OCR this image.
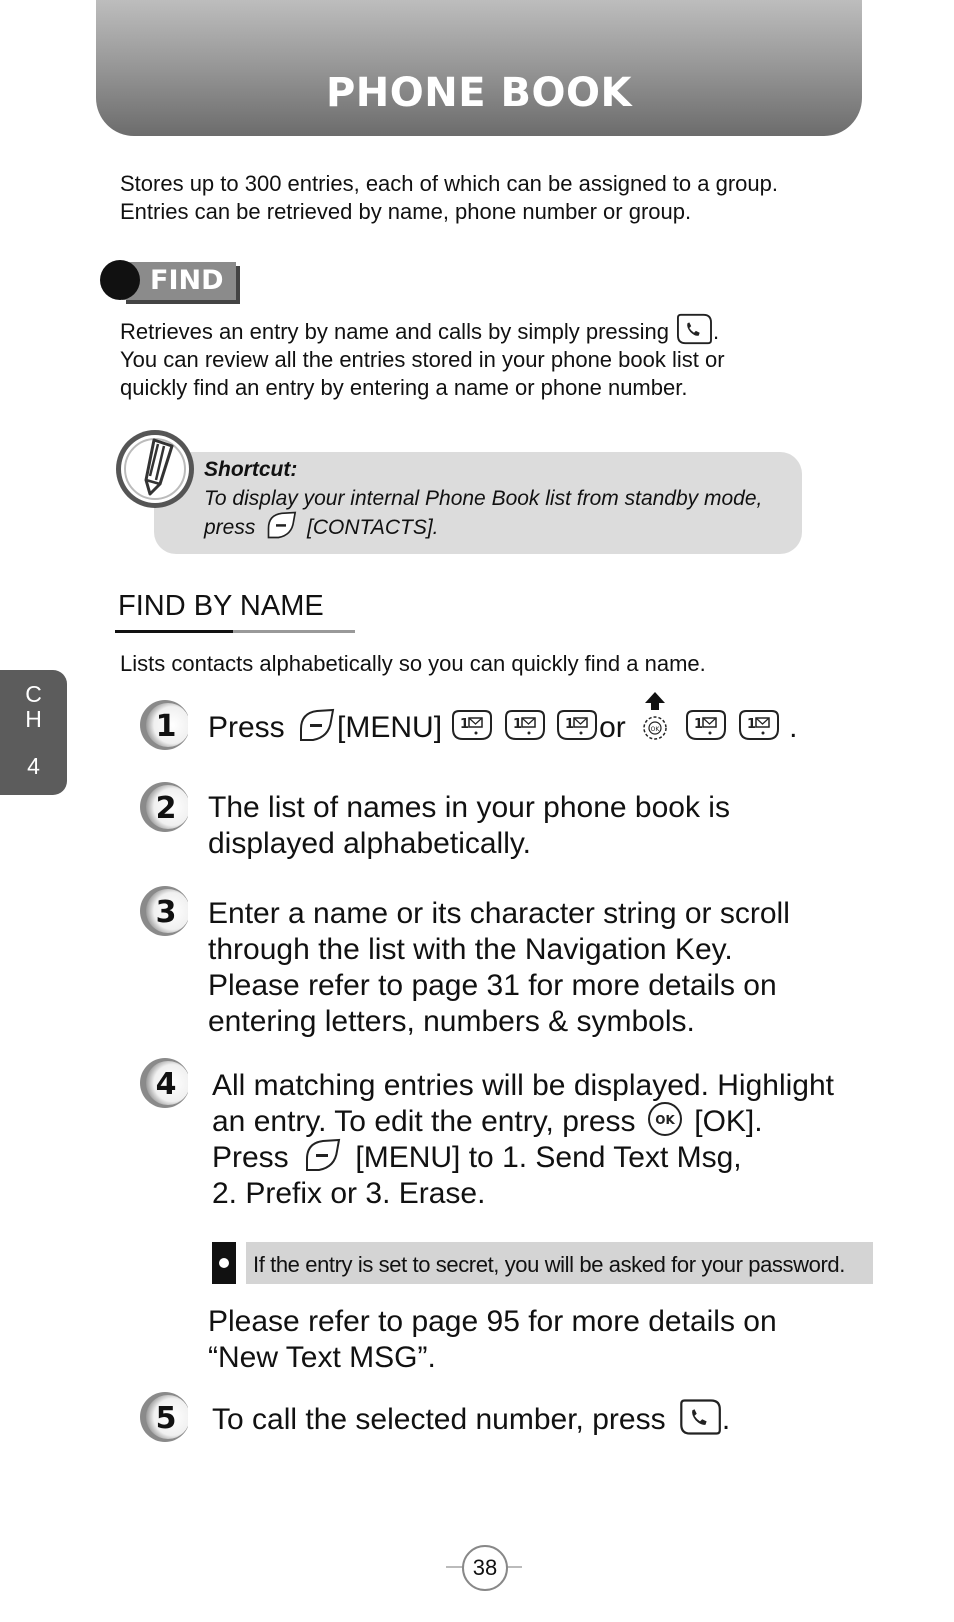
PHONE BOOK

Stores up to 300 entries, each of which can be assigned to a group.

Entries can be retrieved by name, phone number or group.

FIND

Retrieves an entry by name and calls by simply pressing .

You can review all the entries stored in your phone book list or

quickly find an entry by entering a name or phone number.

Shortcut:
To display your internal Phone Book list from standby mode,
press [CONTACTS].
FIND BY NAME

Lists contacts alphabetically so you can quickly find a name.

1 Press [MENU]	or	OK	.
2 The list of names in your phone book is
displayed alphabetically.
3 Enter a name or its character string or scroll
through the list with the Navigation Key.
Please refer to page 31 for more details on
entering letters, numbers & symbols.
4 All matching entries will be displayed. Highlight
an entry. To edit the entry, press [OK].
Press [MENU] to 1. Send Text Msg,
2. Prefix or 3. Erase.
If the entry is set to secret, you will be asked for your password.
Please refer to page 95 for more details on
“New Text MSG”.
5 To call the selected number, press .
C
H
4
38
